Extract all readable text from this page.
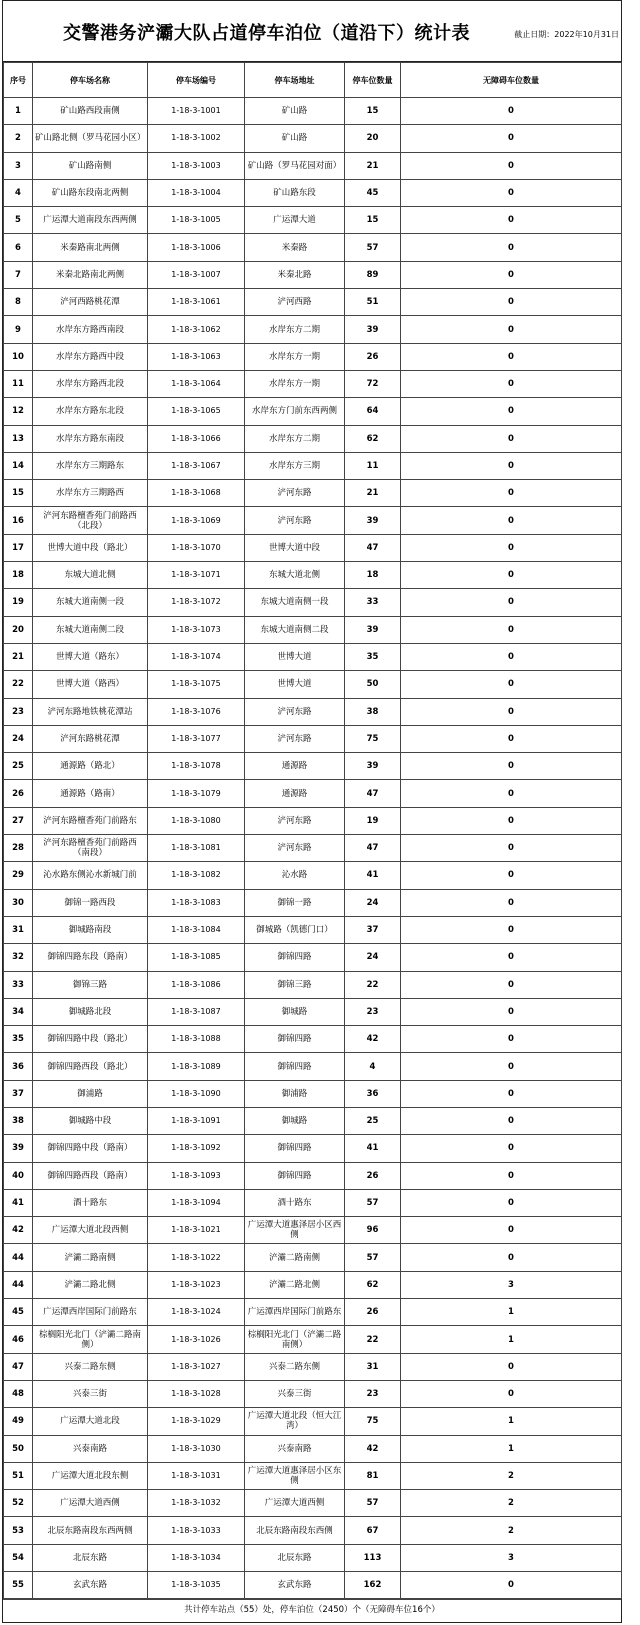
交警港务浐灞大队占道停车泊位（道沿下）统计表	截止日期：2022年10月31日
序号	停车场名称	停车场编号	停车场地址	停车位数量	无障碍车位数量
1	矿山路西段南侧	1-18-3-1001	矿山路	15	0
2	矿山路北侧（罗马花园小区）	1-18-3-1002	矿山路	20	0
3	矿山路南侧	1-18-3-1003	矿山路（罗马花园对面）	21	0
4	矿山路东段南北两侧	1-18-3-1004	矿山路东段	45	0
5	广运潭大道南段东西两侧	1-18-3-1005	广运潭大道	15	0
6	米秦路南北两侧	1-18-3-1006	米秦路	57	0
7	米秦北路南北两侧	1-18-3-1007	米秦北路	89	0
8	浐河西路桃花潭	1-18-3-1061	浐河西路	51	0
9	水岸东方路西南段	1-18-3-1062	水岸东方二期	39	0
10	水岸东方路西中段	1-18-3-1063	水岸东方一期	26	0
11	水岸东方路西北段	1-18-3-1064	水岸东方一期	72	0
12	水岸东方路东北段	1-18-3-1065	水岸东方门前东西两侧	64	0
13	水岸东方路东南段	1-18-3-1066	水岸东方二期	62	0
14	水岸东方三期路东	1-18-3-1067	水岸东方三期	11	0
15	水岸东方三期路西	1-18-3-1068	浐河东路	21	0
16	浐河东路檀香苑门前路西（北段）	1-18-3-1069	浐河东路	39	0
17	世博大道中段（路北）	1-18-3-1070	世博大道中段	47	0
18	东城大道北侧	1-18-3-1071	东城大道北侧	18	0
19	东城大道南侧一段	1-18-3-1072	东城大道南侧一段	33	0
20	东城大道南侧二段	1-18-3-1073	东城大道南侧二段	39	0
21	世博大道（路东）	1-18-3-1074	世博大道	35	0
22	世博大道（路西）	1-18-3-1075	世博大道	50	0
23	浐河东路地铁桃花潭站	1-18-3-1076	浐河东路	38	0
24	浐河东路桃花潭	1-18-3-1077	浐河东路	75	0
25	通源路（路北）	1-18-3-1078	通源路	39	0
26	通源路（路南）	1-18-3-1079	通源路	47	0
27	浐河东路檀香苑门前路东	1-18-3-1080	浐河东路	19	0
28	浐河东路檀香苑门前路西（南段）	1-18-3-1081	浐河东路	47	0
29	沁水路东侧沁水新城门前	1-18-3-1082	沁水路	41	0
30	御锦一路西段	1-18-3-1083	御锦一路	24	0
31	御城路南段	1-18-3-1084	御城路（凯德门口）	37	0
32	御锦四路东段（路南）	1-18-3-1085	御锦四路	24	0
33	御锦三路	1-18-3-1086	御锦三路	22	0
34	御城路北段	1-18-3-1087	御城路	23	0
35	御锦四路中段（路北）	1-18-3-1088	御锦四路	42	0
36	御锦四路西段（路北）	1-18-3-1089	御锦四路	4	0
37	御浦路	1-18-3-1090	御浦路	36	0
38	御城路中段	1-18-3-1091	御城路	25	0
39	御锦四路中段（路南）	1-18-3-1092	御锦四路	41	0
40	御锦四路西段（路南）	1-18-3-1093	御锦四路	26	0
41	酒十路东	1-18-3-1094	酒十路东	57	0
42	广运潭大道北段西侧	1-18-3-1021	广运潭大道惠泽居小区西侧	96	0
44	浐灞二路南侧	1-18-3-1022	浐灞二路南侧	57	0
44	浐灞二路北侧	1-18-3-1023	浐灞二路北侧	62	3
45	广运潭西岸国际门前路东	1-18-3-1024	广运潭西岸国际门前路东	26	1
46	棕榈阳光北门（浐灞二路南侧）	1-18-3-1026	棕榈阳光北门（浐灞二路南侧）	22	1
47	兴泰二路东侧	1-18-3-1027	兴泰二路东侧	31	0
48	兴泰三街	1-18-3-1028	兴泰三街	23	0
49	广运潭大道北段	1-18-3-1029	广运潭大道北段（恒大江湾）	75	1
50	兴泰南路	1-18-3-1030	兴泰南路	42	1
51	广运潭大道北段东侧	1-18-3-1031	广运潭大道惠泽居小区东侧	81	2
52	广运潭大道西侧	1-18-3-1032	广运潭大道西侧	57	2
53	北辰东路南段东西两侧	1-18-3-1033	北辰东路南段东西侧	67	2
54	北辰东路	1-18-3-1034	北辰东路	113	3
55	玄武东路	1-18-3-1035	玄武东路	162	0
共计停车站点（55）处，停车泊位（2450）个（无障碍车位16个）
